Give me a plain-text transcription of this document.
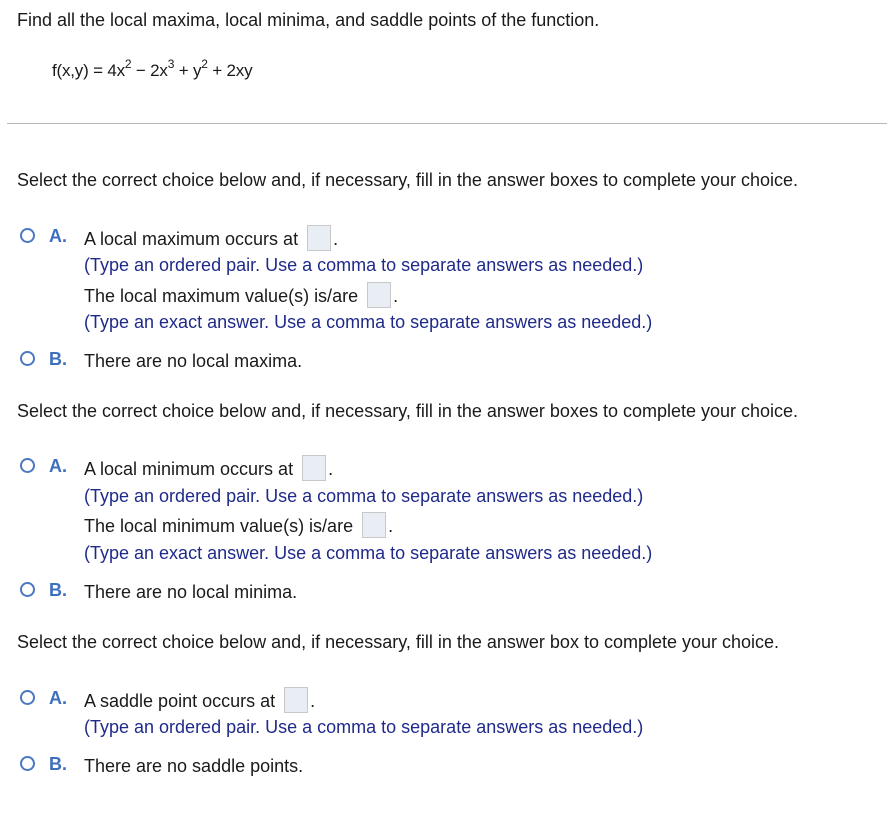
Find all the local maxima, local minima, and saddle points of the function.
$f(x,y) = 4x^2 - 2x^3 + y^2 + 2xy$
Select the correct choice below and, if necessary, fill in the answer boxes to complete your choice.
A. A local maximum occurs at .
(Type an ordered pair. Use a comma to separate answers as needed.)
The local maximum value(s) is/are .
(Type an exact answer. Use a comma to separate answers as needed.)
B. There are no local maxima.
Select the correct choice below and, if necessary, fill in the answer boxes to complete your choice.
A. A local minimum occurs at .
(Type an ordered pair. Use a comma to separate answers as needed.)
The local minimum value(s) is/are .
(Type an exact answer. Use a comma to separate answers as needed.)
B. There are no local minima.
Select the correct choice below and, if necessary, fill in the answer box to complete your choice.
A. A saddle point occurs at .
(Type an ordered pair. Use a comma to separate answers as needed.)
B. There are no saddle points.
